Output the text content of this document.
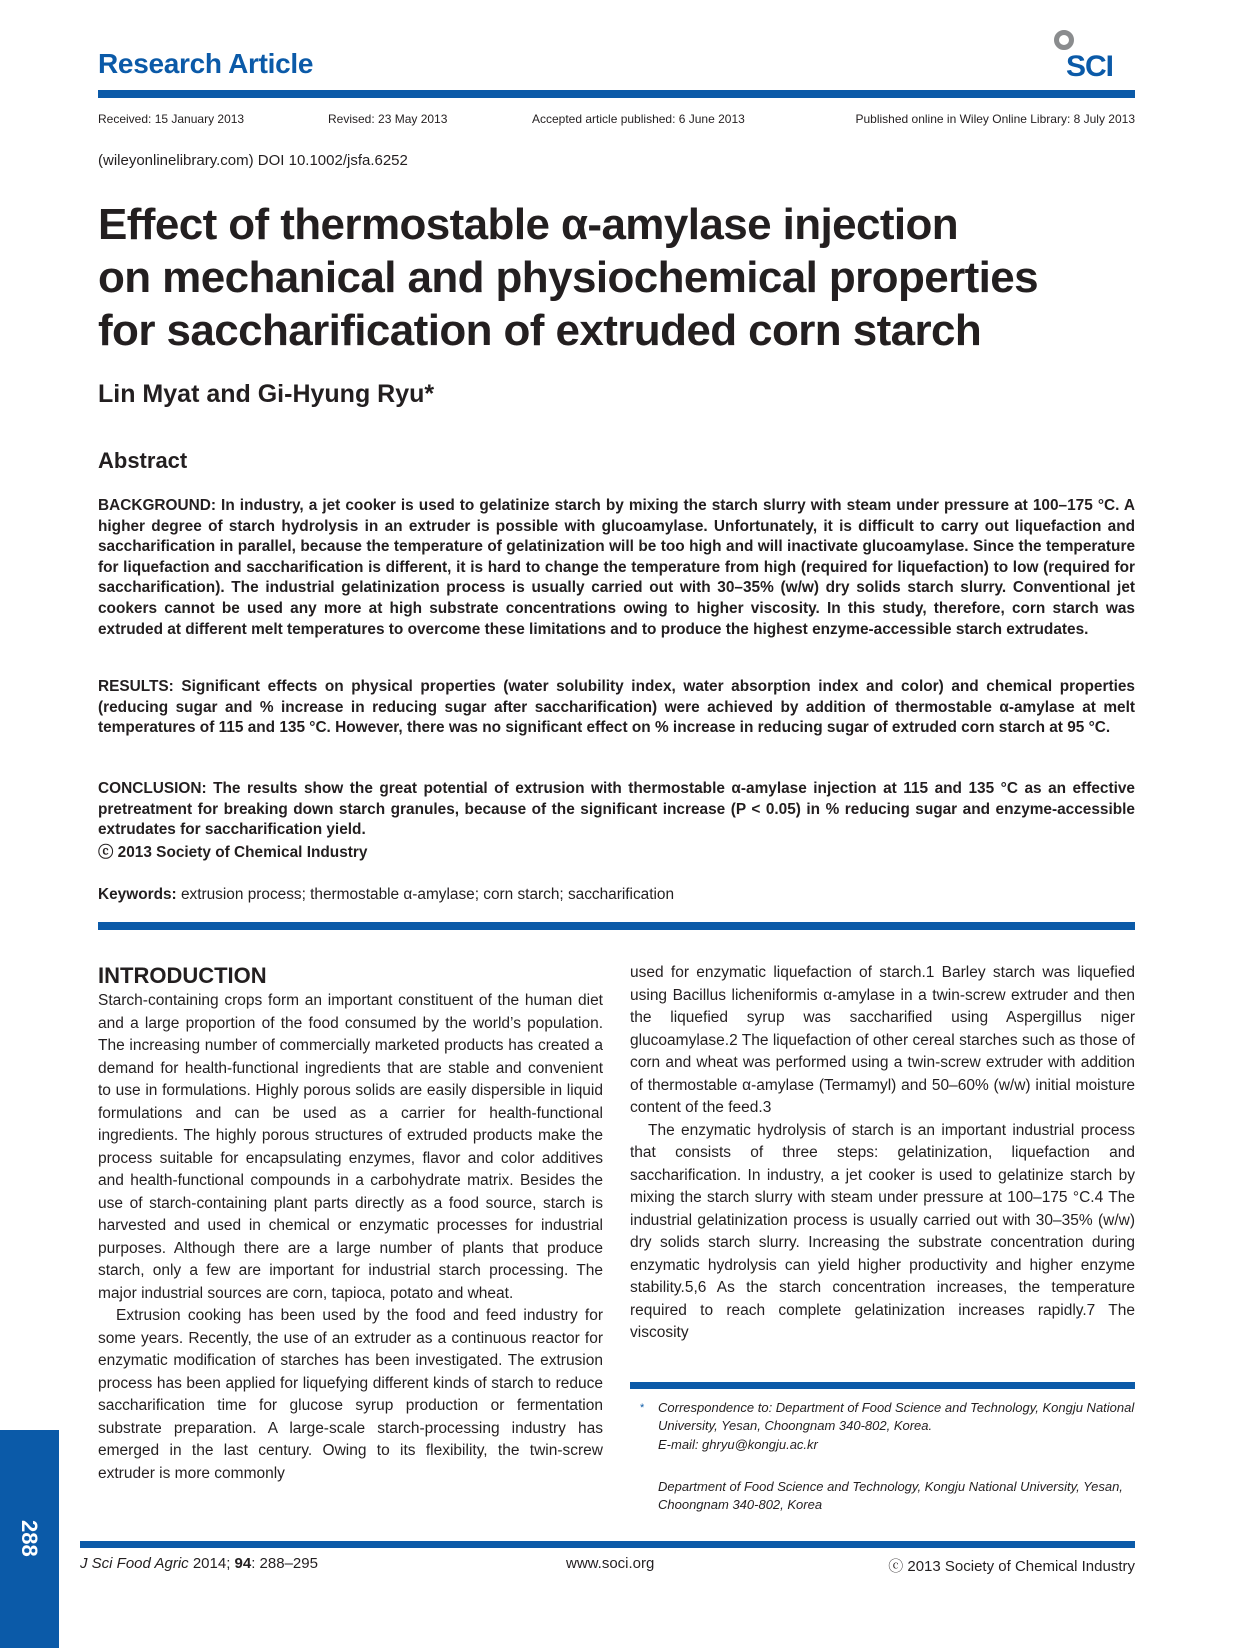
Research Article	SCI
Received: 15 January 2013	Revised: 23 May 2013	Accepted article published: 6 June 2013	Published online in Wiley Online Library: 8 July 2013
(wileyonlinelibrary.com) DOI 10.1002/jsfa.6252
Effect of thermostable α-amylase injection
on mechanical and physiochemical properties
for saccharification of extruded corn starch
Lin Myat and Gi-Hyung Ryu*
Abstract
BACKGROUND: In industry, a jet cooker is used to gelatinize starch by mixing the starch slurry with steam under pressure at 100–175 °C. A higher degree of starch hydrolysis in an extruder is possible with glucoamylase. Unfortunately, it is difficult to carry out liquefaction and saccharification in parallel, because the temperature of gelatinization will be too high and will inactivate glucoamylase. Since the temperature for liquefaction and saccharification is different, it is hard to change the temperature from high (required for liquefaction) to low (required for saccharification). The industrial gelatinization process is usually carried out with 30–35% (w/w) dry solids starch slurry. Conventional jet cookers cannot be used any more at high substrate concentrations owing to higher viscosity. In this study, therefore, corn starch was extruded at different melt temperatures to overcome these limitations and to produce the highest enzyme-accessible starch extrudates.
RESULTS: Significant effects on physical properties (water solubility index, water absorption index and color) and chemical properties (reducing sugar and % increase in reducing sugar after saccharification) were achieved by addition of thermostable α-amylase at melt temperatures of 115 and 135 °C. However, there was no significant effect on % increase in reducing sugar of extruded corn starch at 95 °C.
CONCLUSION: The results show the great potential of extrusion with thermostable α-amylase injection at 115 and 135 °C as an effective pretreatment for breaking down starch granules, because of the significant increase (P < 0.05) in % reducing sugar and enzyme-accessible extrudates for saccharification yield.
ⓒ 2013 Society of Chemical Industry
Keywords: extrusion process; thermostable α-amylase; corn starch; saccharification
INTRODUCTION

Starch-containing crops form an important constituent of the human diet and a large proportion of the food consumed by the world’s population. The increasing number of commercially marketed products has created a demand for health-functional ingredients that are stable and convenient to use in formulations. Highly porous solids are easily dispersible in liquid formulations and can be used as a carrier for health-functional ingredients. The highly porous structures of extruded products make the process suitable for encapsulating enzymes, flavor and color additives and health-functional compounds in a carbohydrate matrix. Besides the use of starch-containing plant parts directly as a food source, starch is harvested and used in chemical or enzymatic processes for industrial purposes. Although there are a large number of plants that produce starch, only a few are important for industrial starch processing. The major industrial sources are corn, tapioca, potato and wheat.

Extrusion cooking has been used by the food and feed industry for some years. Recently, the use of an extruder as a continuous reactor for enzymatic modification of starches has been investigated. The extrusion process has been applied for liquefying different kinds of starch to reduce saccharification time for glucose syrup production or fermentation substrate preparation. A large-scale starch-processing industry has emerged in the last century. Owing to its flexibility, the twin-screw extruder is more commonly

used for enzymatic liquefaction of starch.1 Barley starch was liquefied using Bacillus licheniformis α-amylase in a twin-screw extruder and then the liquefied syrup was saccharified using Aspergillus niger glucoamylase.2 The liquefaction of other cereal starches such as those of corn and wheat was performed using a twin-screw extruder with addition of thermostable α-amylase (Termamyl) and 50–60% (w/w) initial moisture content of the feed.3

The enzymatic hydrolysis of starch is an important industrial process that consists of three steps: gelatinization, liquefaction and saccharification. In industry, a jet cooker is used to gelatinize starch by mixing the starch slurry with steam under pressure at 100–175 °C.4 The industrial gelatinization process is usually carried out with 30–35% (w/w) dry solids starch slurry. Increasing the substrate concentration during enzymatic hydrolysis can yield higher productivity and higher enzyme stability.5,6 As the starch concentration increases, the temperature required to reach complete gelatinization increases rapidly.7 The viscosity

* Correspondence to: Department of Food Science and Technology, Kongju National University, Yesan, Choongnam 340-802, Korea.
E-mail: ghryu@kongju.ac.kr
Department of Food Science and Technology, Kongju National University, Yesan, Choongnam 340-802, Korea
288
J Sci Food Agric 2014; 94: 288–295	www.soci.org	ⓒ 2013 Society of Chemical Industry
